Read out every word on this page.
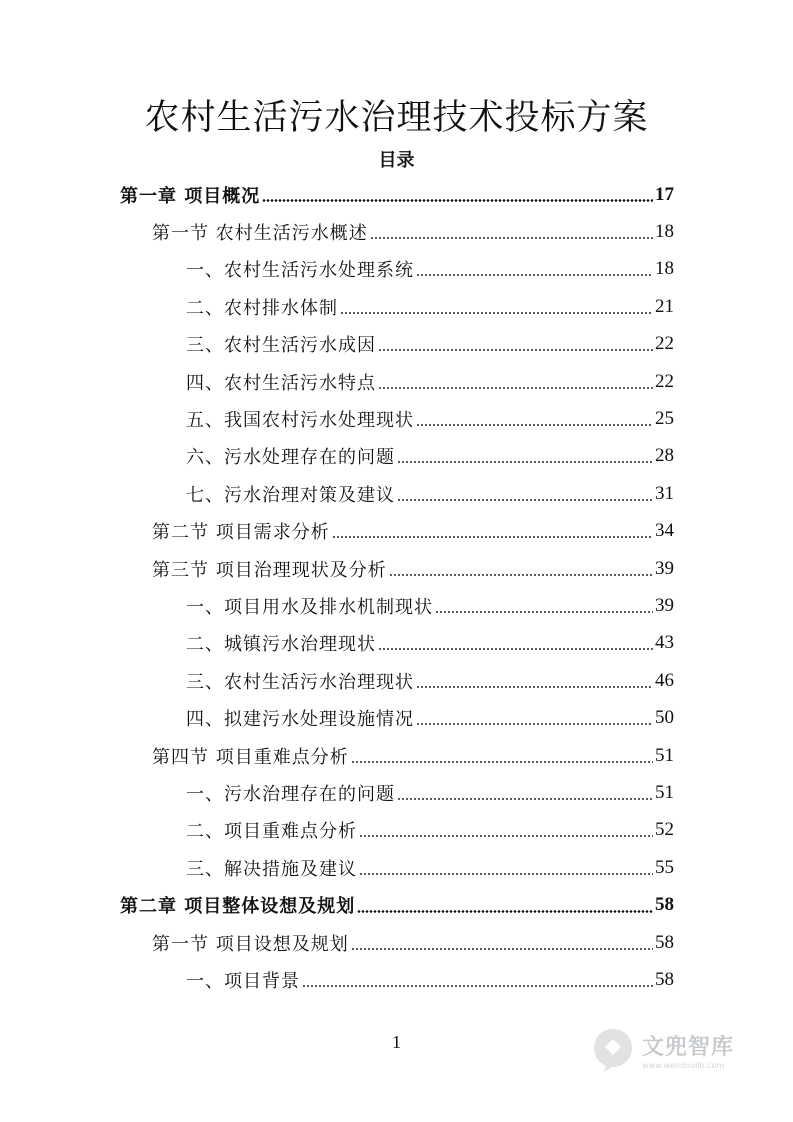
农村生活污水治理技术投标方案
目录
第一章 项目概况	17
第一节 农村生活污水概述	18
一、农村生活污水处理系统	18
二、农村排水体制	21
三、农村生活污水成因	22
四、农村生活污水特点	22
五、我国农村污水处理现状	25
六、污水处理存在的问题	28
七、污水治理对策及建议	31
第二节 项目需求分析	34
第三节 项目治理现状及分析	39
一、项目用水及排水机制现状	39
二、城镇污水治理现状	43
三、农村生活污水治理现状	46
四、拟建污水处理设施情况	50
第四节 项目重难点分析	51
一、污水治理存在的问题	51
二、项目重难点分析	52
三、解决措施及建议	55
第二章 项目整体设想及规划	58
第一节 项目设想及规划	58
一、项目背景	58
1	文兜智库
www.wendoulib.com
